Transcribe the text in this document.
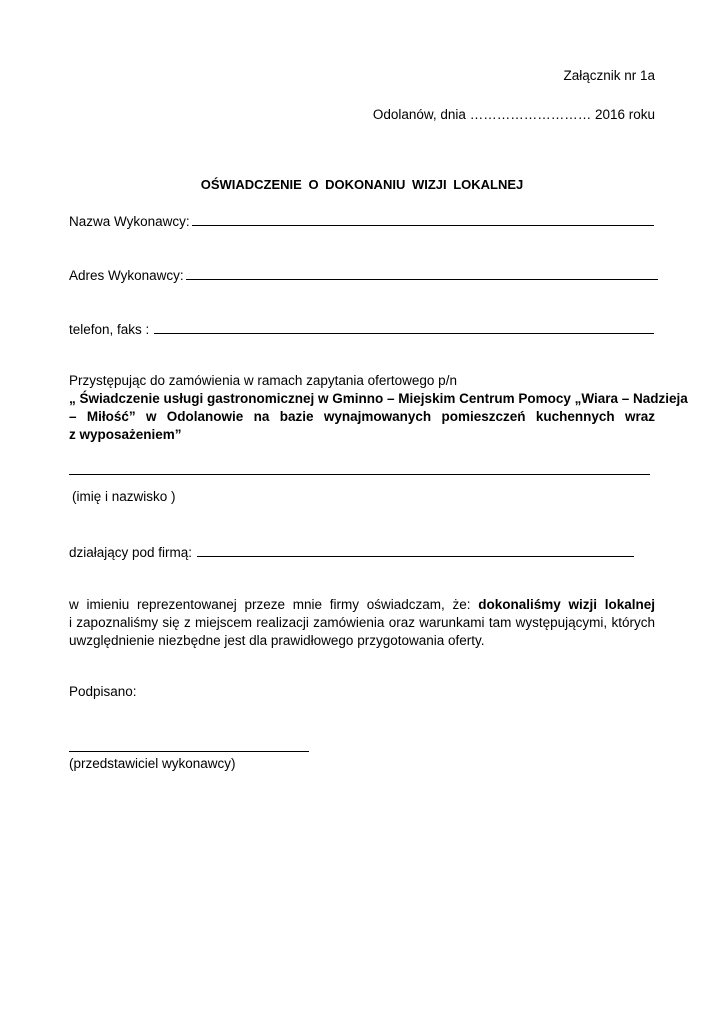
Załącznik nr 1a
Odolanów, dnia ……………………… 2016 roku
OŚWIADCZENIE O DOKONANIU WIZJI LOKALNEJ
Nazwa Wykonawcy:
Adres Wykonawcy:
telefon, faks :
Przystępując do zamówienia w ramach zapytania ofertowego p/n
„ Świadczenie usługi gastronomicznej w Gminno – Miejskim Centrum Pomocy „Wiara – Nadzieja
– Miłość” w Odolanowie na bazie wynajmowanych pomieszczeń kuchennych wraz
z wyposażeniem”
(imię i nazwisko )
działający pod firmą:
w imieniu reprezentowanej przeze mnie firmy oświadczam, że: dokonaliśmy wizji lokalnej
i zapoznaliśmy się z miejscem realizacji zamówienia oraz warunkami tam występującymi, których
uwzględnienie niezbędne jest dla prawidłowego przygotowania oferty.
Podpisano:
(przedstawiciel wykonawcy)
